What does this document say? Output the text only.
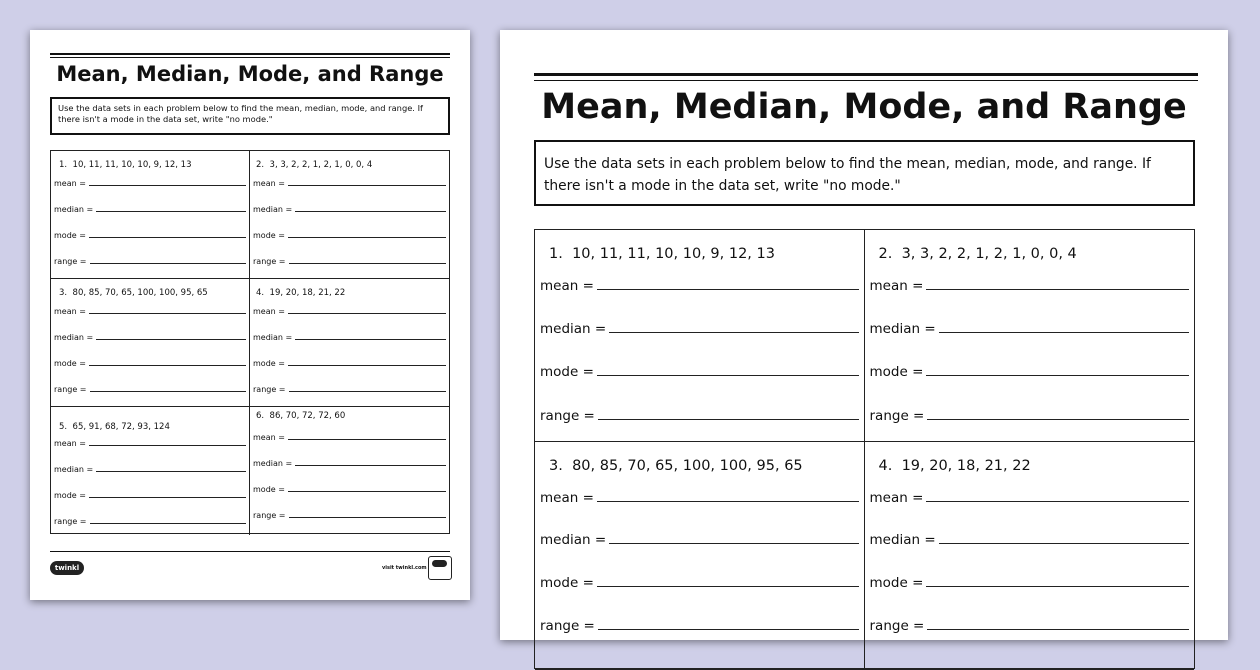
Mean, Median, Mode, and Range
Use the data sets in each problem below to find the mean, median, mode, and range. If there isn't a mode in the data set, write "no mode."
1. 10, 11, 11, 10, 10, 9, 12, 13
mean =
median =
mode =
range =
2. 3, 3, 2, 2, 1, 2, 1, 0, 0, 4
mean =
median =
mode =
range =
3. 80, 85, 70, 65, 100, 100, 95, 65
mean =
median =
mode =
range =
4. 19, 20, 18, 21, 22
mean =
median =
mode =
range =
5. 65, 91, 68, 72, 93, 124
mean =
median =
mode =
range =
6. 86, 70, 72, 72, 60
mean =
median =
mode =
range =
twinkl	visit twinkl.com
Mean, Median, Mode, and Range
Use the data sets in each problem below to find the mean, median, mode, and range. If there isn't a mode in the data set, write "no mode."
1. 10, 11, 11, 10, 10, 9, 12, 13
mean =
median =
mode =
range =
2. 3, 3, 2, 2, 1, 2, 1, 0, 0, 4
mean =
median =
mode =
range =
3. 80, 85, 70, 65, 100, 100, 95, 65
mean =
median =
mode =
range =
4. 19, 20, 18, 21, 22
mean =
median =
mode =
range =
